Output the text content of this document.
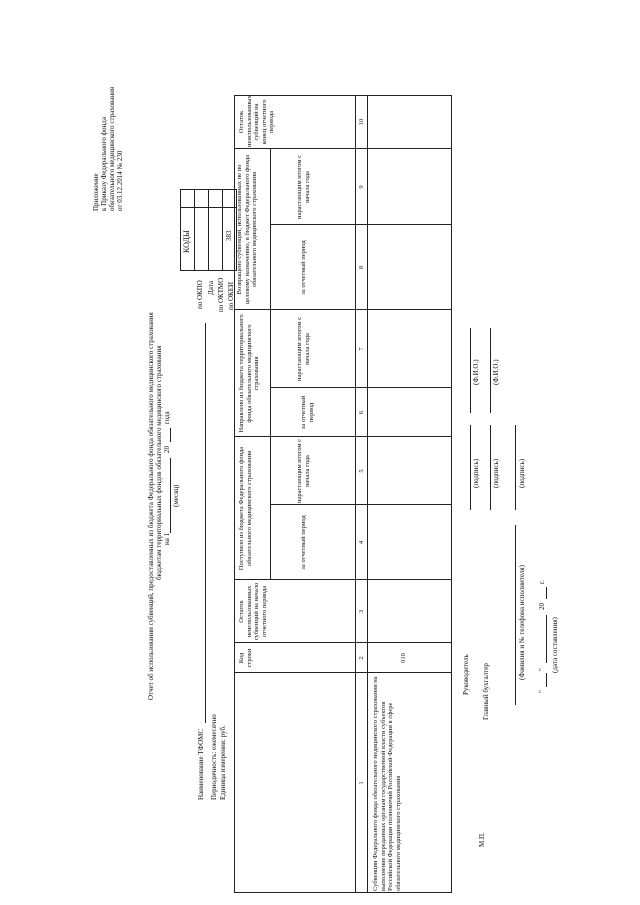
Приложение к Приказу Федерального фонда обязательного медицинского страхования от 03.12.2014 № 230
Отчет об использовании субвенций, предоставленных из бюджета Федерального фонда обязательного медицинского страхования бюджетам территориальных фондов обязательного медицинского страхования на 1
20
года
(месяц)
КОДЫ
по ОКПО Дата по ОКТМО по ОКЕИ
383
Наименование ТФОМС Периодичность: ежемесячно Единица измерения: руб.
Код строки
Остаток неиспользованных субвенций на начало отчетного периода
Поступило из бюджета Федерального фонда обязательного медицинского страхования
Направлено из бюджета территориального фонда обязательного медицинского страхования
Возвращено субвенций, использованных не по целевому назначению, в бюджет Федерального фонда обязательного медицинского страхования
Остаток неиспользованных субвенций на конец отчетного периода
за отчетный период
нарастающим итогом с начала года
за отчетный период
нарастающим итогом с начала года
за отчетный период
нарастающим итогом с начала года
1
2
3
4
5
6
7
8
9
10
Субвенции Федерального фонда обязательного медицинского страхования на выполнение переданных органам государственной власти субъектов Российской Федерации полномочий Российской Федерации в сфере обязательного медицинского страхования
010	Руководитель Главный бухгалтер
(подпись)
(Ф.И.О.)
(подпись)
(Ф.И.О.)
М.П.
(Фамилия и № телефона исполнителя)
(подпись)
"
"
20
г.
(дата составления)
